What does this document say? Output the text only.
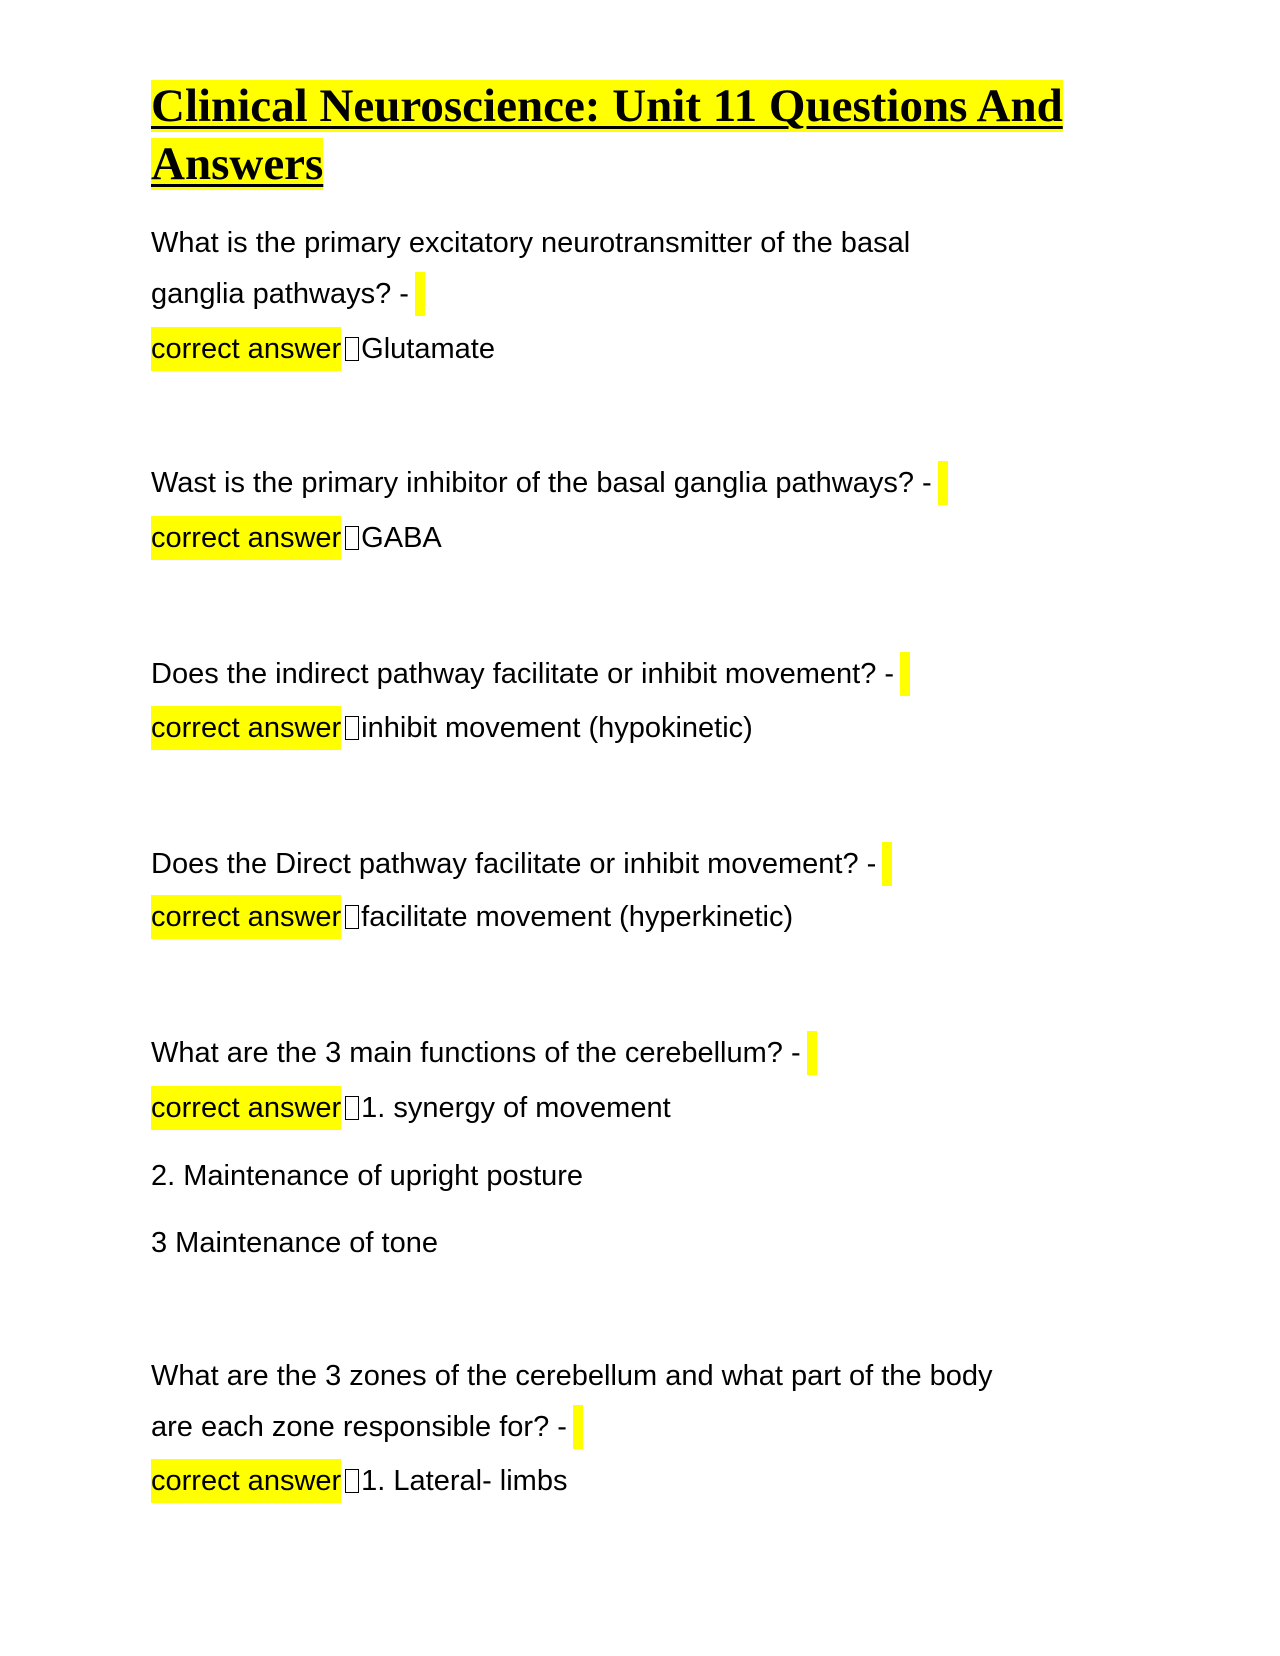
Clinical Neuroscience: Unit 11 Questions And
Answers
What is the primary excitatory neurotransmitter of the basal
ganglia pathways? -
correct answerGlutamate
Wast is the primary inhibitor of the basal ganglia pathways? -
correct answerGABA
Does the indirect pathway facilitate or inhibit movement? -
correct answerinhibit movement (hypokinetic)
Does the Direct pathway facilitate or inhibit movement? -
correct answerfacilitate movement (hyperkinetic)
What are the 3 main functions of the cerebellum? -
correct answer1. synergy of movement
2. Maintenance of upright posture
3 Maintenance of tone
What are the 3 zones of the cerebellum and what part of the body
are each zone responsible for? -
correct answer1. Lateral- limbs
